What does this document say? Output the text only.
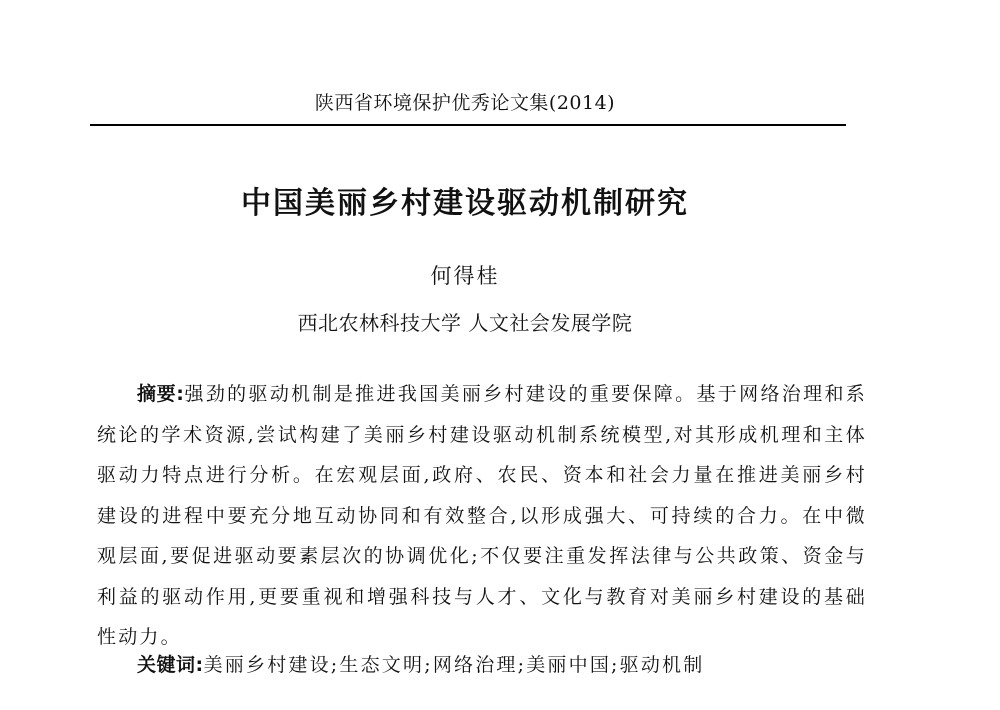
陕西省环境保护优秀论文集(2014)
中国美丽乡村建设驱动机制研究
何得桂
西北农林科技大学 人文社会发展学院

摘要:强劲的驱动机制是推进我国美丽乡村建设的重要保障。基于网络治理和系统论的学术资源,尝试构建了美丽乡村建设驱动机制系统模型,对其形成机理和主体驱动力特点进行分析。在宏观层面,政府、农民、资本和社会力量在推进美丽乡村建设的进程中要充分地互动协同和有效整合,以形成强大、可持续的合力。在中微观层面,要促进驱动要素层次的协调优化;不仅要注重发挥法律与公共政策、资金与利益的驱动作用,更要重视和增强科技与人才、文化与教育对美丽乡村建设的基础性动力。

关键词:美丽乡村建设;生态文明;网络治理;美丽中国;驱动机制
